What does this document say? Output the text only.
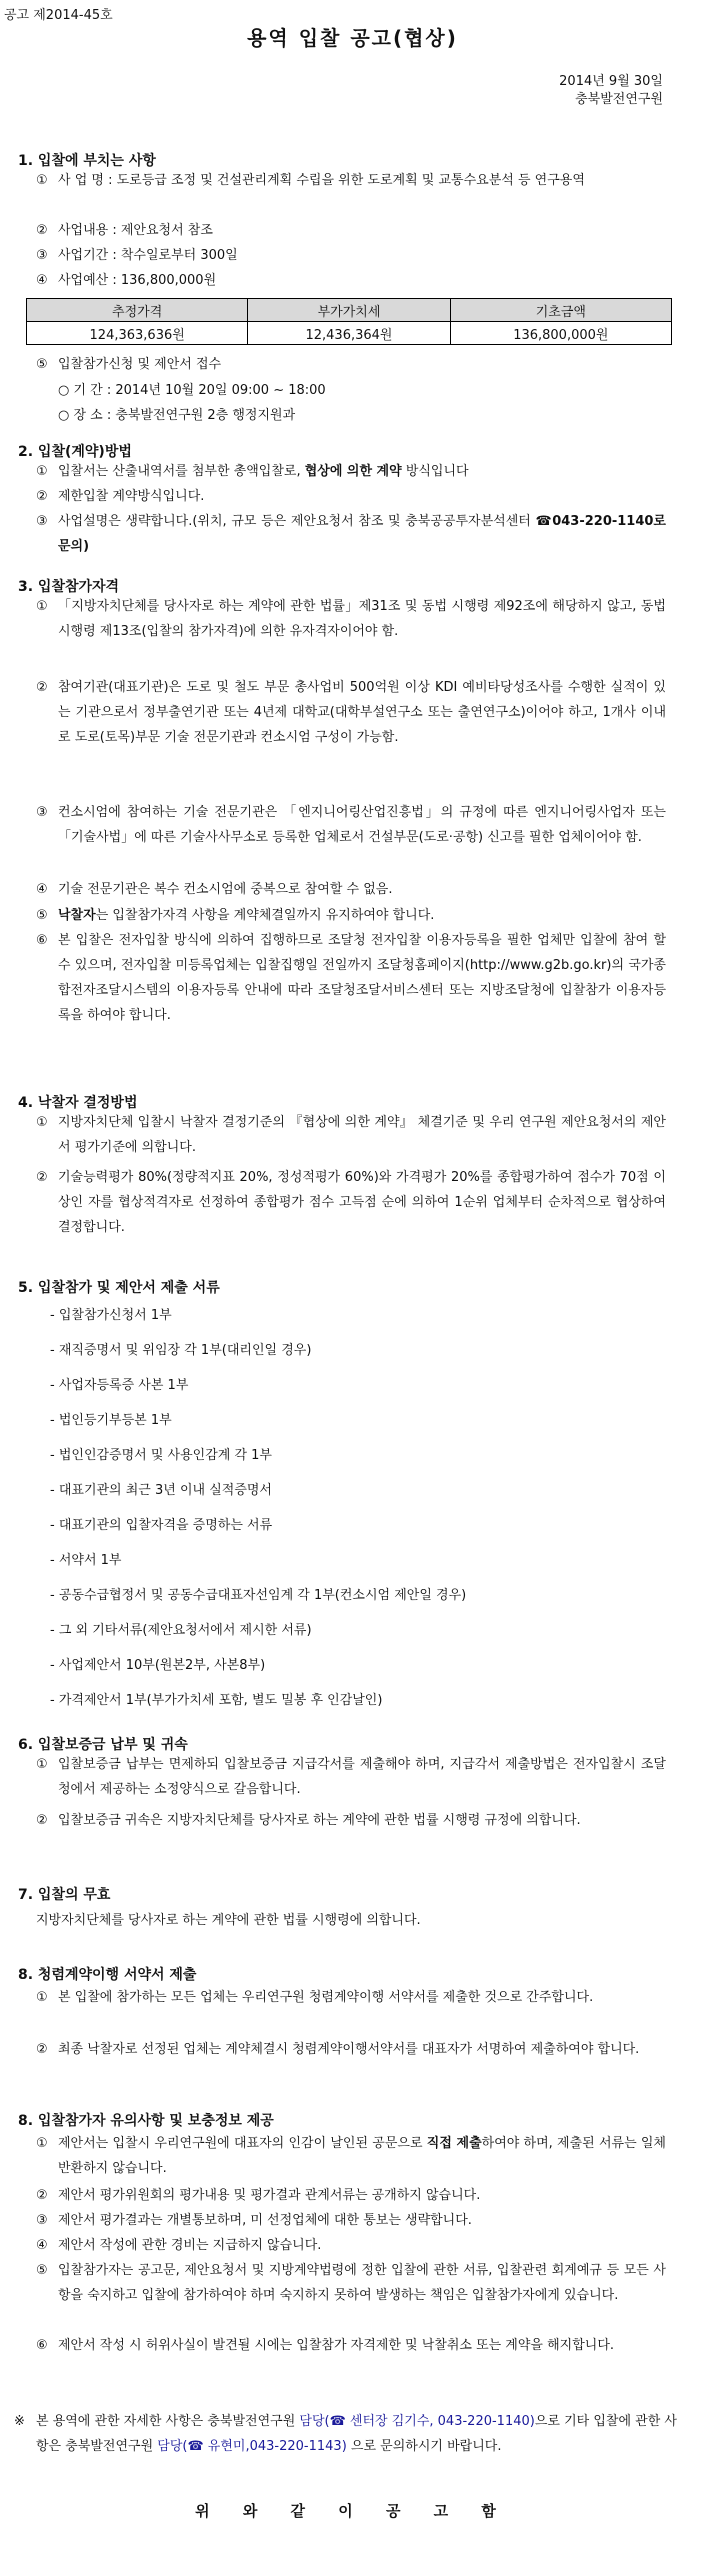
공고 제2014-45호
용역 입찰 공고(협상)
2014년 9월 30일
충북발전연구원
1. 입찰에 부치는 사항
① 사 업 명 : 도로등급 조정 및 건설관리계획 수립을 위한 도로계획 및 교통수요분석 등 연구용역
② 사업내용 : 제안요청서 참조
③ 사업기간 : 착수일로부터 300일
④ 사업예산 : 136,800,000원
추정가격	부가가치세	기초금액
124,363,636원	12,436,364원	136,800,000원
⑤ 입찰참가신청 및 제안서 접수
○ 기 간 : 2014년 10월 20일 09:00 ~ 18:00
○ 장 소 : 충북발전연구원 2층 행정지원과
2. 입찰(계약)방법
① 입찰서는 산출내역서를 첨부한 총액입찰로, 협상에 의한 계약 방식입니다
② 제한입찰 계약방식입니다.
③ 사업설명은 생략합니다.(위치, 규모 등은 제안요청서 참조 및 충북공공투자분석센터 ☎043-220-1140로 문의)
3. 입찰참가자격
① 「지방자치단체를 당사자로 하는 계약에 관한 법률」제31조 및 동법 시행령 제92조에 해당하지 않고, 동법 시행령 제13조(입찰의 참가자격)에 의한 유자격자이어야 함.
② 참여기관(대표기관)은 도로 및 철도 부문 총사업비 500억원 이상 KDI 예비타당성조사를 수행한 실적이 있는 기관으로서 정부출연기관 또는 4년제 대학교(대학부설연구소 또는 출연연구소)이어야 하고, 1개사 이내로 도로(토목)부문 기술 전문기관과 컨소시엄 구성이 가능함.
③ 컨소시엄에 참여하는 기술 전문기관은 「엔지니어링산업진흥법」의 규정에 따른 엔지니어링사업자 또는 「기술사법」에 따른 기술사사무소로 등록한 업체로서 건설부문(도로·공항) 신고를 필한 업체이어야 함.
④ 기술 전문기관은 복수 컨소시엄에 중복으로 참여할 수 없음.
⑤ 낙찰자는 입찰참가자격 사항을 계약체결일까지 유지하여야 합니다.
⑥ 본 입찰은 전자입찰 방식에 의하여 집행하므로 조달청 전자입찰 이용자등록을 필한 업체만 입찰에 참여 할 수 있으며, 전자입찰 미등록업체는 입찰집행일 전일까지 조달청홈페이지(http://www.g2b.go.kr)의 국가종합전자조달시스템의 이용자등록 안내에 따라 조달청조달서비스센터 또는 지방조달청에 입찰참가 이용자등록을 하여야 합니다.
4. 낙찰자 결정방법
① 지방자치단체 입찰시 낙찰자 결정기준의 『협상에 의한 계약』 체결기준 및 우리 연구원 제안요청서의 제안서 평가기준에 의합니다.
② 기술능력평가 80%(정량적지표 20%, 정성적평가 60%)와 가격평가 20%를 종합평가하여 점수가 70점 이상인 자를 협상적격자로 선정하여 종합평가 점수 고득점 순에 의하여 1순위 업체부터 순차적으로 협상하여 결정합니다.
5. 입찰참가 및 제안서 제출 서류
- 입찰참가신청서 1부
- 재직증명서 및 위임장 각 1부(대리인일 경우)
- 사업자등록증 사본 1부
- 법인등기부등본 1부
- 법인인감증명서 및 사용인감계 각 1부
- 대표기관의 최근 3년 이내 실적증명서
- 대표기관의 입찰자격을 증명하는 서류
- 서약서 1부
- 공동수급협정서 및 공동수급대표자선임계 각 1부(컨소시엄 제안일 경우)
- 그 외 기타서류(제안요청서에서 제시한 서류)
- 사업제안서 10부(원본2부, 사본8부)
- 가격제안서 1부(부가가치세 포함, 별도 밀봉 후 인감날인)
6. 입찰보증금 납부 및 귀속
① 입찰보증금 납부는 면제하되 입찰보증금 지급각서를 제출해야 하며, 지급각서 제출방법은 전자입찰시 조달청에서 제공하는 소정양식으로 갈음합니다.
② 입찰보증금 귀속은 지방자치단체를 당사자로 하는 계약에 관한 법률 시행령 규정에 의합니다.
7. 입찰의 무효
지방자치단체를 당사자로 하는 계약에 관한 법률 시행령에 의합니다.
8. 청렴계약이행 서약서 제출
① 본 입찰에 참가하는 모든 업체는 우리연구원 청렴계약이행 서약서를 제출한 것으로 간주합니다.
② 최종 낙찰자로 선정된 업체는 계약체결시 청렴계약이행서약서를 대표자가 서명하여 제출하여야 합니다.
8. 입찰참가자 유의사항 및 보충정보 제공
① 제안서는 입찰시 우리연구원에 대표자의 인감이 날인된 공문으로 직접 제출하여야 하며, 제출된 서류는 일체 반환하지 않습니다.
② 제안서 평가위원회의 평가내용 및 평가결과 관계서류는 공개하지 않습니다.
③ 제안서 평가결과는 개별통보하며, 미 선정업체에 대한 통보는 생략합니다.
④ 제안서 작성에 관한 경비는 지급하지 않습니다.
⑤ 입찰참가자는 공고문, 제안요청서 및 지방계약법령에 정한 입찰에 관한 서류, 입찰관련 회계예규 등 모든 사항을 숙지하고 입찰에 참가하여야 하며 숙지하지 못하여 발생하는 책임은 입찰참가자에게 있습니다.
⑥ 제안서 작성 시 허위사실이 발견될 시에는 입찰참가 자격제한 및 낙찰취소 또는 계약을 해지합니다.
※ 본 용역에 관한 자세한 사항은 충북발전연구원 담당(☎ 센터장 김기수, 043-220-1140)으로 기타 입찰에 관한 사항은 충북발전연구원 담당(☎ 유현미,043-220-1143) 으로 문의하시기 바랍니다.
위 와 같 이 공 고 함
